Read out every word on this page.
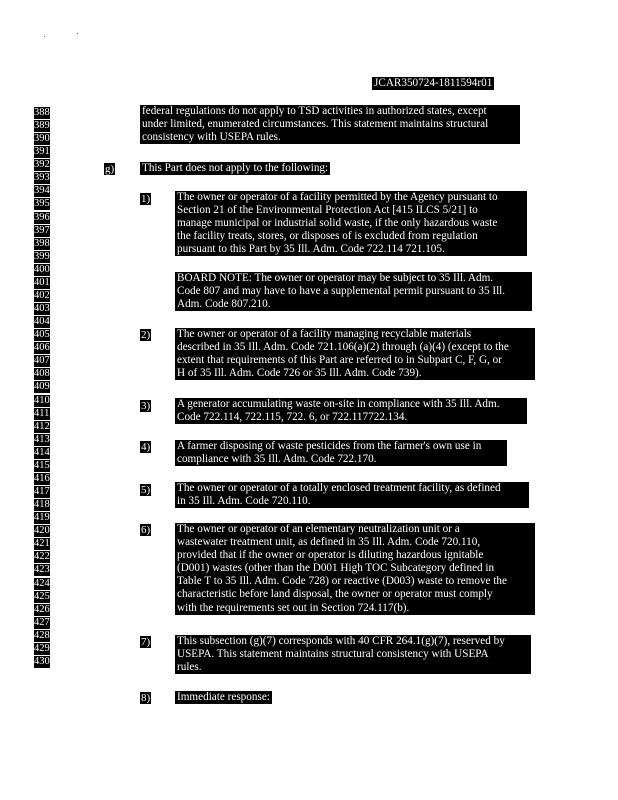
JCAR350724-1811594r01
388
389
390
391
392
393
394
395
396
397
398
399
400
401
402
403
404
405
406
407
408
409
410
411
412
413
414
415
416
417
418
419
420
421
422
423
424
425
426
427
428
429
430
federal regulations do not apply to TSD activities in authorized states, except
under limited, enumerated circumstances. This statement maintains structural
consistency with USEPA rules.
g) This Part does not apply to the following:
1) The owner or operator of a facility permitted by the Agency pursuant to
Section 21 of the Environmental Protection Act [415 ILCS 5/21] to
manage municipal or industrial solid waste, if the only hazardous waste
the facility treats, stores, or disposes of is excluded from regulation
pursuant to this Part by 35 Ill. Adm. Code 722.114 721.105.
BOARD NOTE: The owner or operator may be subject to 35 Ill. Adm.
Code 807 and may have to have a supplemental permit pursuant to 35 Ill.
Adm. Code 807.210.
2) The owner or operator of a facility managing recyclable materials
described in 35 Ill. Adm. Code 721.106(a)(2) through (a)(4) (except to the
extent that requirements of this Part are referred to in Subpart C, F, G, or
H of 35 Ill. Adm. Code 726 or 35 Ill. Adm. Code 739).
3) A generator accumulating waste on-site in compliance with 35 Ill. Adm.
Code 722.114, 722.115, 722. 6, or 722.117722.134.
4) A farmer disposing of waste pesticides from the farmer's own use in
compliance with 35 Ill. Adm. Code 722.170.
5) The owner or operator of a totally enclosed treatment facility, as defined
in 35 Ill. Adm. Code 720.110.
6) The owner or operator of an elementary neutralization unit or a
wastewater treatment unit, as defined in 35 Ill. Adm. Code 720.110,
provided that if the owner or operator is diluting hazardous ignitable
(D001) wastes (other than the D001 High TOC Subcategory defined in
Table T to 35 Ill. Adm. Code 728) or reactive (D003) waste to remove the
characteristic before land disposal, the owner or operator must comply
with the requirements set out in Section 724.117(b).
7) This subsection (g)(7) corresponds with 40 CFR 264.1(g)(7), reserved by
USEPA. This statement maintains structural consistency with USEPA
rules.
8) Immediate response:
